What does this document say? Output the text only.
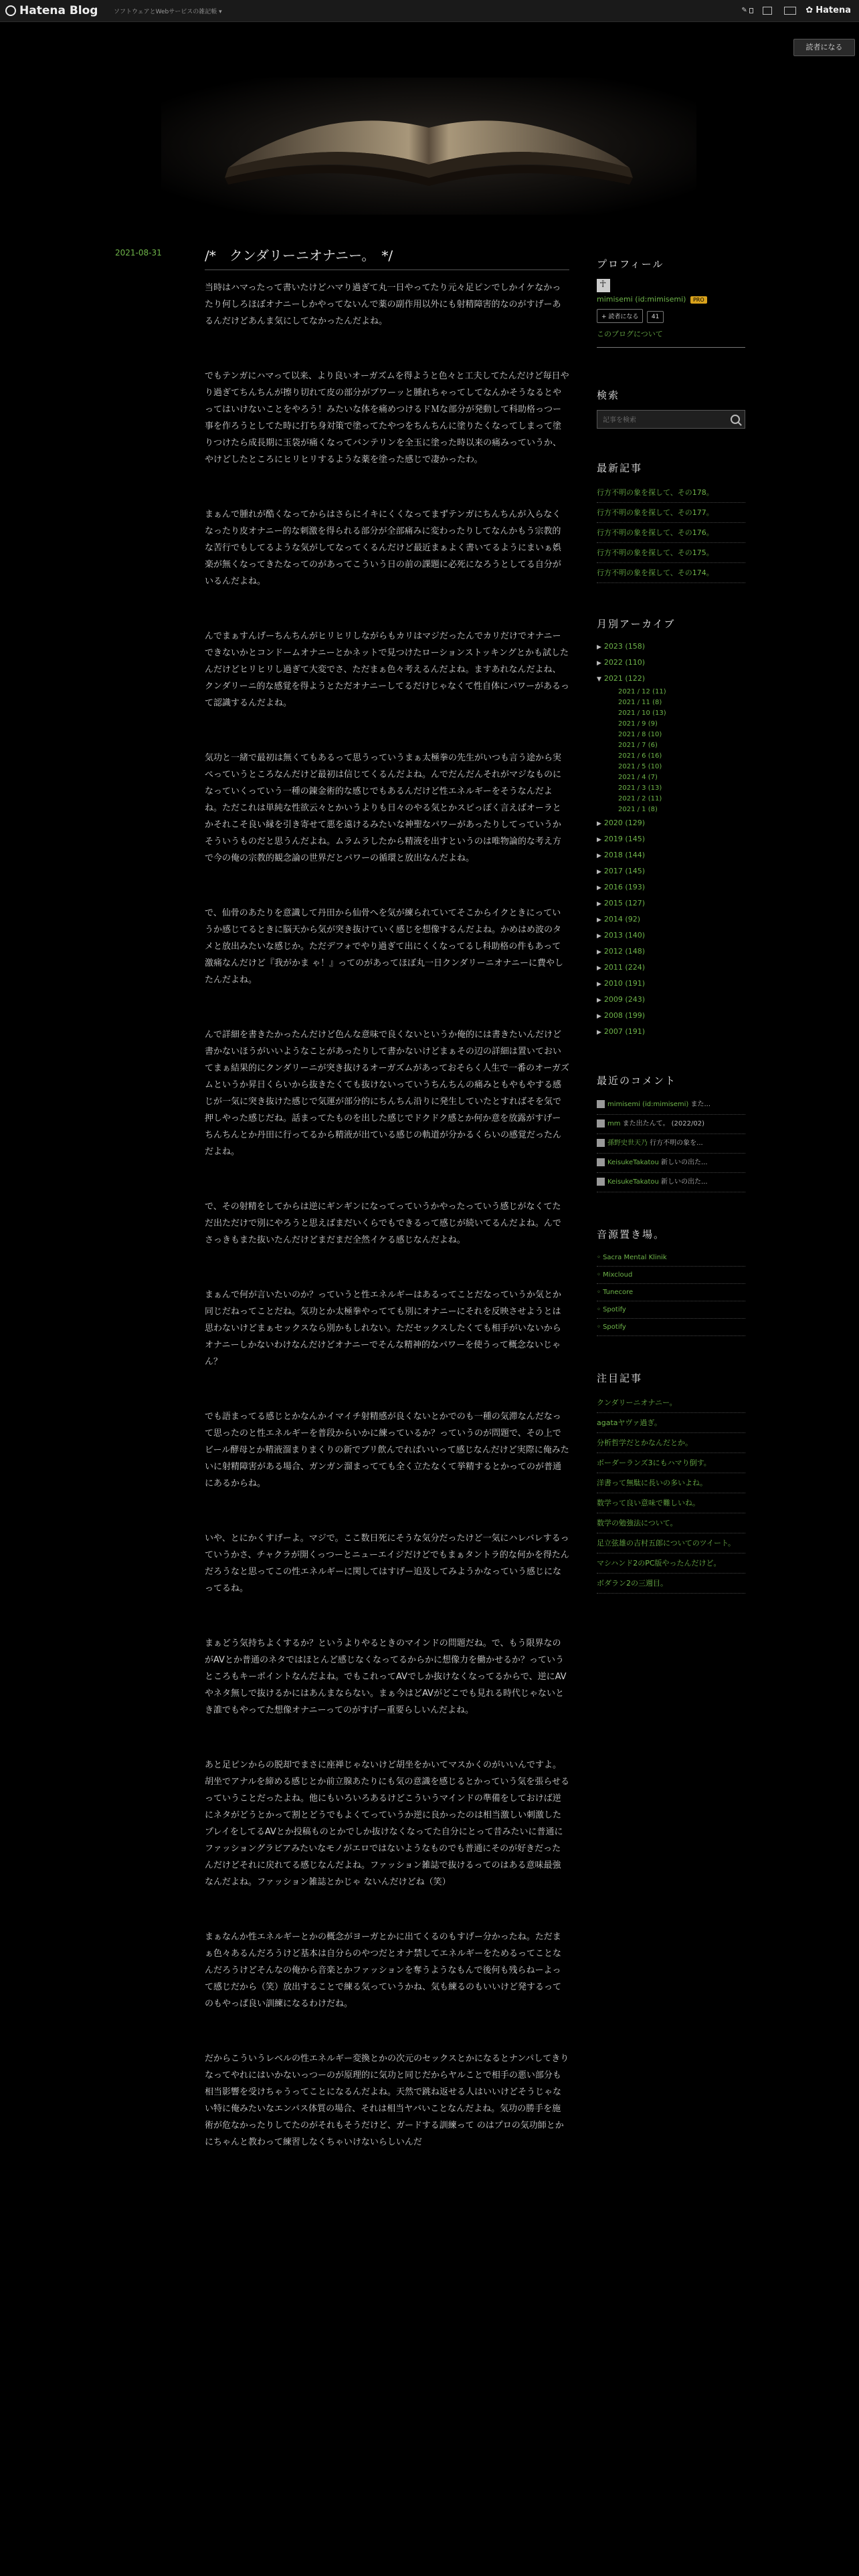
Hatena Blog	ソフトウェアとWebサービスの雑記帳 ▾	✎	✿ Hatena
読者になる
2021-08-31	/*　クンダリーニオナニー。　*/

当時はハマったって書いたけどハマり過ぎて丸一日やってたり元々足ピンでしかイケなかったり何しろほぼオナニーしかやってないんで薬の副作用以外にも射精障害的なのがすげーあるんだけどあんま気にしてなかったんだよね。

でもテンガにハマって以来、より良いオーガズムを得ようと色々と工夫してたんだけど毎日やり過ぎてちんちんが擦り切れて皮の部分がブワーッと腫れちゃってしてなんかそうなるとやってはいけないことをやろう！みたいな体を痛めつけるドＭな部分が発動して科助格っつー事を作ろうとしてた時に打ち身対策で塗ってたやつをちんちんに塗りたくなってしまって塗りつけたら成長期に玉袋が痛くなってバンテリンを全玉に塗った時以来の痛みっていうか、やけどしたところにヒリヒリするような薬を塗った感じで凄かったわ。

まぁんで腫れが酷くなってからはさらにイキにくくなってまずテンガにちんちんが入らなくなったり皮オナニー的な刺激を得られる部分が全部痛みに変わったりしてなんかもう宗教的な苦行でもしてるような気がしてなってくるんだけど最近まぁよく書いてるようにまいぁ娯楽が無くなってきたなってのがあってこういう日の前の課題に必死になろうとしてる自分がいるんだよね。

んでまぁすんげーちんちんがヒリヒリしながらもカリはマジだったんでカリだけでオナニーできないかとコンドームオナニーとかネットで見つけたローションストッキングとかも試したんだけどヒリヒリし過ぎて大変でさ、ただまぁ色々考えるんだよね。ますあれなんだよね、クンダリーニ的な感覚を得ようとただオナニーしてるだけじゃなくて性自体にパワーがあるって認識するんだよね。

気功と一緒で最初は無くてもあるって思うっていうまぁ太極拳の先生がいつも言う途から実ぺっていうところなんだけど最初は信じてくるんだよね。んでだんだんそれがマジなものになっていくっていう一種の錬金術的な感じでもあるんだけど性エネルギーをそうなんだよね。ただこれは単純な性欲云々とかいうよりも日々のやる気とかスピっぽく言えばオーラとかそれこそ良い縁を引き寄せて悪を遠けるみたいな神聖なパワーがあったりしてっていうかそういうものだと思うんだよね。ムラムラしたから精液を出すというのは唯物論的な考え方で今の俺の宗教的観念論の世界だとパワーの循環と放出なんだよね。

で、仙骨のあたりを意識して丹田から仙骨へを気が練られていてそこからイクときにっていうか感じてるときに脳天から気が突き抜けていく感じを想像するんだよね。かめはめ波のタメと放出みたいな感じか。ただデフォでやり過ぎて出にくくなってるし科助格の件もあって激痛なんだけど『我がかま ゃ！』ってのがあってほぼ丸一日クンダリーニオナニーに費やしたんだよね。

んで詳細を書きたかったんだけど色んな意味で良くないというか俺的には書きたいんだけど書かないほうがいいようなことがあったりして書かないけどまぁその辺の詳細は置いておいてまぁ結果的にクンダリーニが突き抜けるオーガズムがあっておそらく人生で一番のオーガズムというか昇日くらいから抜きたくても抜けないっていうちんちんの痛みともやもやする感じが一気に突き抜けた感じで気運が部分的にちんちん沿りに発生していたとすればそを気で押しやった感じだね。話まってたものを出した感じでドクドク感とか何か意を放露がすげーちんちんとか丹田に行ってるから精液が出ている感じの軌道が分かるくらいの感覚だったんだよね。

で、その射精をしてからは逆にギンギンになってっていうかやったっていう感じがなくてただ出ただけで別にやろうと思えばまだいくらでもできるって感じが続いてるんだよね。んでさっきもまた抜いたんだけどまだまだ全然イケる感じなんだよね。

まぁんで何が言いたいのか？っていうと性エネルギーはあるってことだなっていうか気とか同じだねってことだね。気功とか太極拳やってても別にオナニーにそれを反映させようとは思わないけどまぁセックスなら別かもしれない。ただセックスしたくても相手がいないからオナニーしかないわけなんだけどオナニーでそんな精神的なパワーを使うって概念ないじゃん？

でも語まってる感じとかなんかイマイチ射精感が良くないとかでのも一種の気滞なんだなって思ったのと性エネルギーを普段からいかに練っているか？っていうのが問題で、その上でビール酵母とか精液溜まりまくりの新でブリ飲んでればいいって感じなんだけど実際に俺みたいに射精障害がある場合、ガンガン溜まってても全く立たなくて挙精するとかってのが普通にあるからね。

いや、とにかくすげーよ。マジで。ここ数日死にそうな気分だったけど一気にハレバレするっていうかさ、チャクラが開くっつーとニューエイジだけどでもまぁタントラ的な何かを得たんだろうなと思ってこの性エネルギーに関してはすげー追及してみようかなっていう感じになってるね。

まぁどう気持ちよくするか？というよりやるときのマインドの問題だね。で、もう限界なのがAVとか普通のネタではほとんど感じなくなってるからかに想像力を働かせるか？っていうところもキーポイントなんだよね。でもこれってAVでしか抜けなくなってるからで、逆にAVやネタ無しで抜けるかにはあんまならない。まぁ今はどAVがどこでも見れる時代じゃないとき誰でもやってた想像オナニーってのがすげー重要らしいんだよね。

あと足ピンからの脱却でまさに座禅じゃないけど胡坐をかいてマスかくのがいいんですよ。胡坐でアナルを締める感じとか前立腺あたりにも気の意識を感じるとかっていう気を張らせるっていうことだったよね。他にもいろいろあるけどこういうマインドの準備をしておけば逆にネタがどうとかって割とどうでもよくてっていうか逆に良かったのは相当激しい刺激したプレイをしてるAVとか投稿ものとかでしか抜けなくなってた自分にとって昔みたいに普通にファッショングラビアみたいなモノがエロではないようなものでも普通にそのが好きだったんだけどそれに戻れてる感じなんだよね。ファッション雑誌で抜けるってのはある意味最強なんだよね。ファッション雑誌とかじゃ ないんだけどね（笑）

まぁなんか性エネルギーとかの概念がヨーガとかに出てくるのもすげー分かったね。ただまぁ色々あるんだろうけど基本は自分らのやつだとオナ禁してエネルギーをためるってことなんだろうけどそんなの俺から音楽とかファッションを奪うようなもんで後何も残らねーよって感じだから（笑）放出することで練る気っていうかね、気も練るのもいいけど発するってのもやっぱ良い訓練になるわけだね。

だからこういうレベルの性エネルギー変換とかの次元のセックスとかになるとナンパしてきりなってやれにはいかないっつーのが原理的に気功と同じだからヤルことで相手の悪い部分も相当影響を受けちゃうってことになるんだよね。天然で跳ね返せる人はいいけどそうじゃない特に俺みたいなエンパス体質の場合、それは相当ヤバいことなんだよね。気功の勝手を施術が危なかったりしてたのがそれもそうだけど、ガードする訓練って のはプロの気功師とかにちゃんと教わって練習しなくちゃいけないらしいんだ

プロフィール
☥
mimisemi (id:mimisemi) PRO
+ 読者になる 41
このブログについて
検索
記事を検索
最新記事
行方不明の象を探して、その178。
行方不明の象を探して、その177。
行方不明の象を探して、その176。
行方不明の象を探して、その175。
行方不明の象を探して、その174。
月別アーカイブ
▶ 2023 (158)
▶ 2022 (110)
▼ 2021 (122)
2021 / 12 (11)
2021 / 11 (8)
2021 / 10 (13)
2021 / 9 (9)
2021 / 8 (10)
2021 / 7 (6)
2021 / 6 (16)
2021 / 5 (10)
2021 / 4 (7)
2021 / 3 (13)
2021 / 2 (11)
2021 / 1 (8)
▶ 2020 (129)
▶ 2019 (145)
▶ 2018 (144)
▶ 2017 (145)
▶ 2016 (193)
▶ 2015 (127)
▶ 2014 (92)
▶ 2013 (140)
▶ 2012 (148)
▶ 2011 (224)
▶ 2010 (191)
▶ 2009 (243)
▶ 2008 (199)
▶ 2007 (191)
最近のコメント
mimisemi (id:mimisemi) また...
mm また出たんて。 (2022/02)
孫野史世天乃 行方不明の象を...
KeisukeTakatou 新しいの出た...
KeisukeTakatou 新しいの出た...
音源置き場。
◦ Sacra Mental Klinik
◦ Mixcloud
◦ Tunecore
◦ Spotify
◦ Spotify
注目記事
クンダリーニオナニー。
agataヤヴァ過ぎ。
分析哲学だとかなんだとか。
ボーダーランズ3にもハマり倒す。
洋書って無駄に長いの多いよね。
数学って良い意味で難しいね。
数学の勉強法について。
足立弦雄の吉村五郎についてのツイート。
マシハンド2のPC版やったんだけど。
ボダラン2の三週目。
